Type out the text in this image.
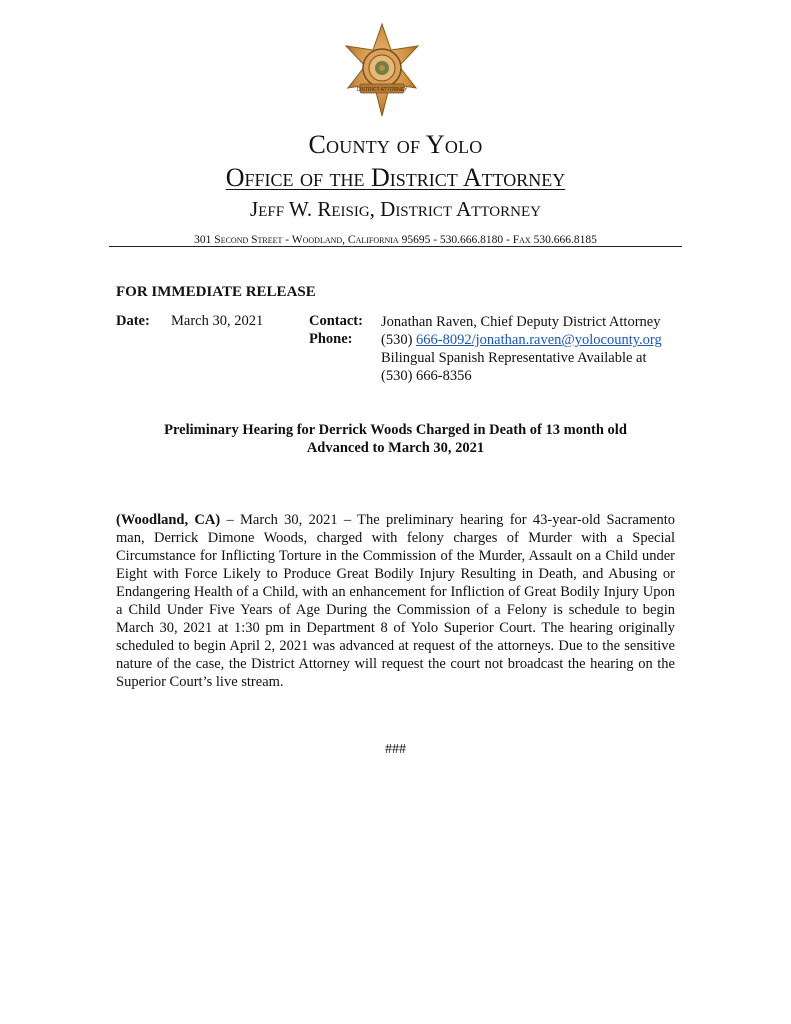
DISTRICT ATTORNEY
County of Yolo
Office of the District Attorney
Jeff W. Reisig, District Attorney
301 Second Street - Woodland, California 95695 - 530.666.8180 - Fax 530.666.8185
FOR IMMEDIATE RELEASE
Date: March 30, 2021	Contact:
Phone:
Jonathan Raven, Chief Deputy District Attorney
(530) 666-8092/jonathan.raven@yolocounty.org
Bilingual Spanish Representative Available at
(530) 666-8356
Preliminary Hearing for Derrick Woods Charged in Death of 13 month old
Advanced to March 30, 2021
(Woodland, CA) – March 30, 2021 – The preliminary hearing for 43-year-old Sacramento man, Derrick Dimone Woods, charged with felony charges of Murder with a Special Circumstance for Inflicting Torture in the Commission of the Murder, Assault on a Child under Eight with Force Likely to Produce Great Bodily Injury Resulting in Death, and Abusing or Endangering Health of a Child, with an enhancement for Infliction of Great Bodily Injury Upon a Child Under Five Years of Age During the Commission of a Felony is schedule to begin March 30, 2021 at 1:30 pm in Department 8 of Yolo Superior Court. The hearing originally scheduled to begin April 2, 2021 was advanced at request of the attorneys. Due to the sensitive nature of the case, the District Attorney will request the court not broadcast the hearing on the Superior Court’s live stream.
###
